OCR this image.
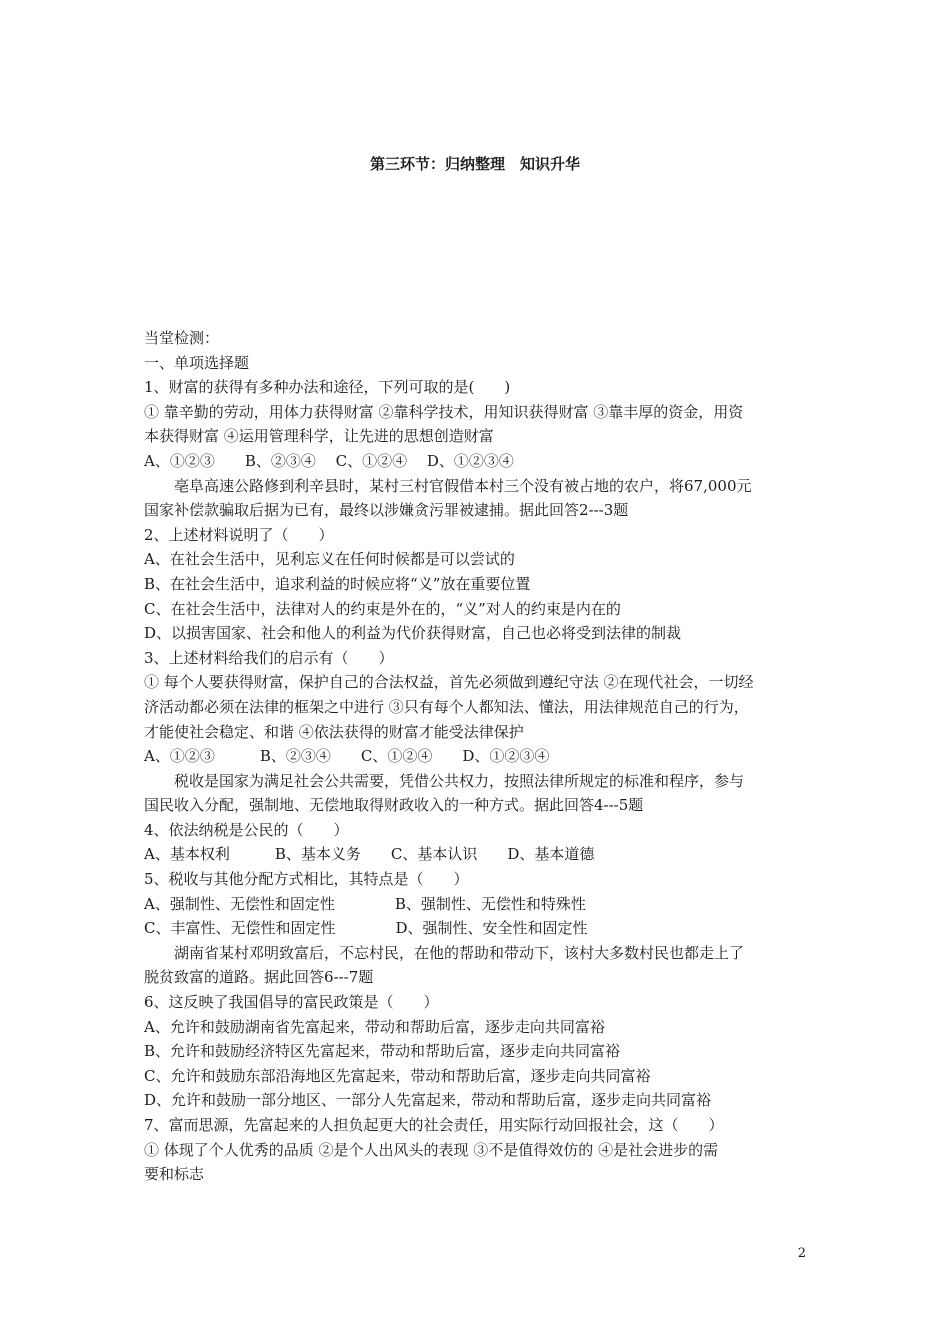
第三环节：归纳整理　知识升华

当堂检测：

一、单项选择题

1、财富的获得有多种办法和途径，下列可取的是(　　)

① 靠辛勤的劳动，用体力获得财富 ②靠科学技术，用知识获得财富 ③靠丰厚的资金，用资

本获得财富 ④运用管理科学，让先进的思想创造财富

A、①②③　　B、②③④　 C、①②④　 D、①②③④

亳阜高速公路修到利辛县时，某村三村官假借本村三个没有被占地的农户，将67,000元

国家补偿款骗取后据为已有，最终以涉嫌贪污罪被逮捕。据此回答2---3题

2、上述材料说明了（　　）

A、在社会生活中，见利忘义在任何时候都是可以尝试的

B、在社会生活中，追求利益的时候应将“义”放在重要位置

C、在社会生活中，法律对人的约束是外在的，“义”对人的约束是内在的

D、以损害国家、社会和他人的利益为代价获得财富，自己也必将受到法律的制裁

3、上述材料给我们的启示有（　　）

① 每个人要获得财富，保护自己的合法权益，首先必须做到遵纪守法 ②在现代社会，一切经

济活动都必须在法律的框架之中进行 ③只有每个人都知法、懂法，用法律规范自己的行为，

才能使社会稳定、和谐 ④依法获得的财富才能受法律保护

A、①②③　　　B、②③④　　C、①②④　　D、①②③④

税收是国家为满足社会公共需要，凭借公共权力，按照法律所规定的标准和程序，参与

国民收入分配，强制地、无偿地取得财政收入的一种方式。据此回答4---5题

4、依法纳税是公民的（　　）

A、基本权利　　　B、基本义务　　C、基本认识　　D、基本道德

5、税收与其他分配方式相比，其特点是（　　）

A、强制性、无偿性和固定性　　　　B、强制性、无偿性和特殊性

C、丰富性、无偿性和固定性　　　　D、强制性、安全性和固定性

湖南省某村邓明致富后，不忘村民，在他的帮助和带动下，该村大多数村民也都走上了

脱贫致富的道路。据此回答6---7题

6、这反映了我国倡导的富民政策是（　　）

A、允许和鼓励湖南省先富起来，带动和帮助后富，逐步走向共同富裕

B、允许和鼓励经济特区先富起来，带动和帮助后富，逐步走向共同富裕

C、允许和鼓励东部沿海地区先富起来，带动和帮助后富，逐步走向共同富裕

D、允许和鼓励一部分地区、一部分人先富起来，带动和帮助后富，逐步走向共同富裕

7、富而思源，先富起来的人担负起更大的社会责任，用实际行动回报社会，这（　　）

① 体现了个人优秀的品质 ②是个人出风头的表现 ③不是值得效仿的 ④是社会进步的需

要和标志

2
